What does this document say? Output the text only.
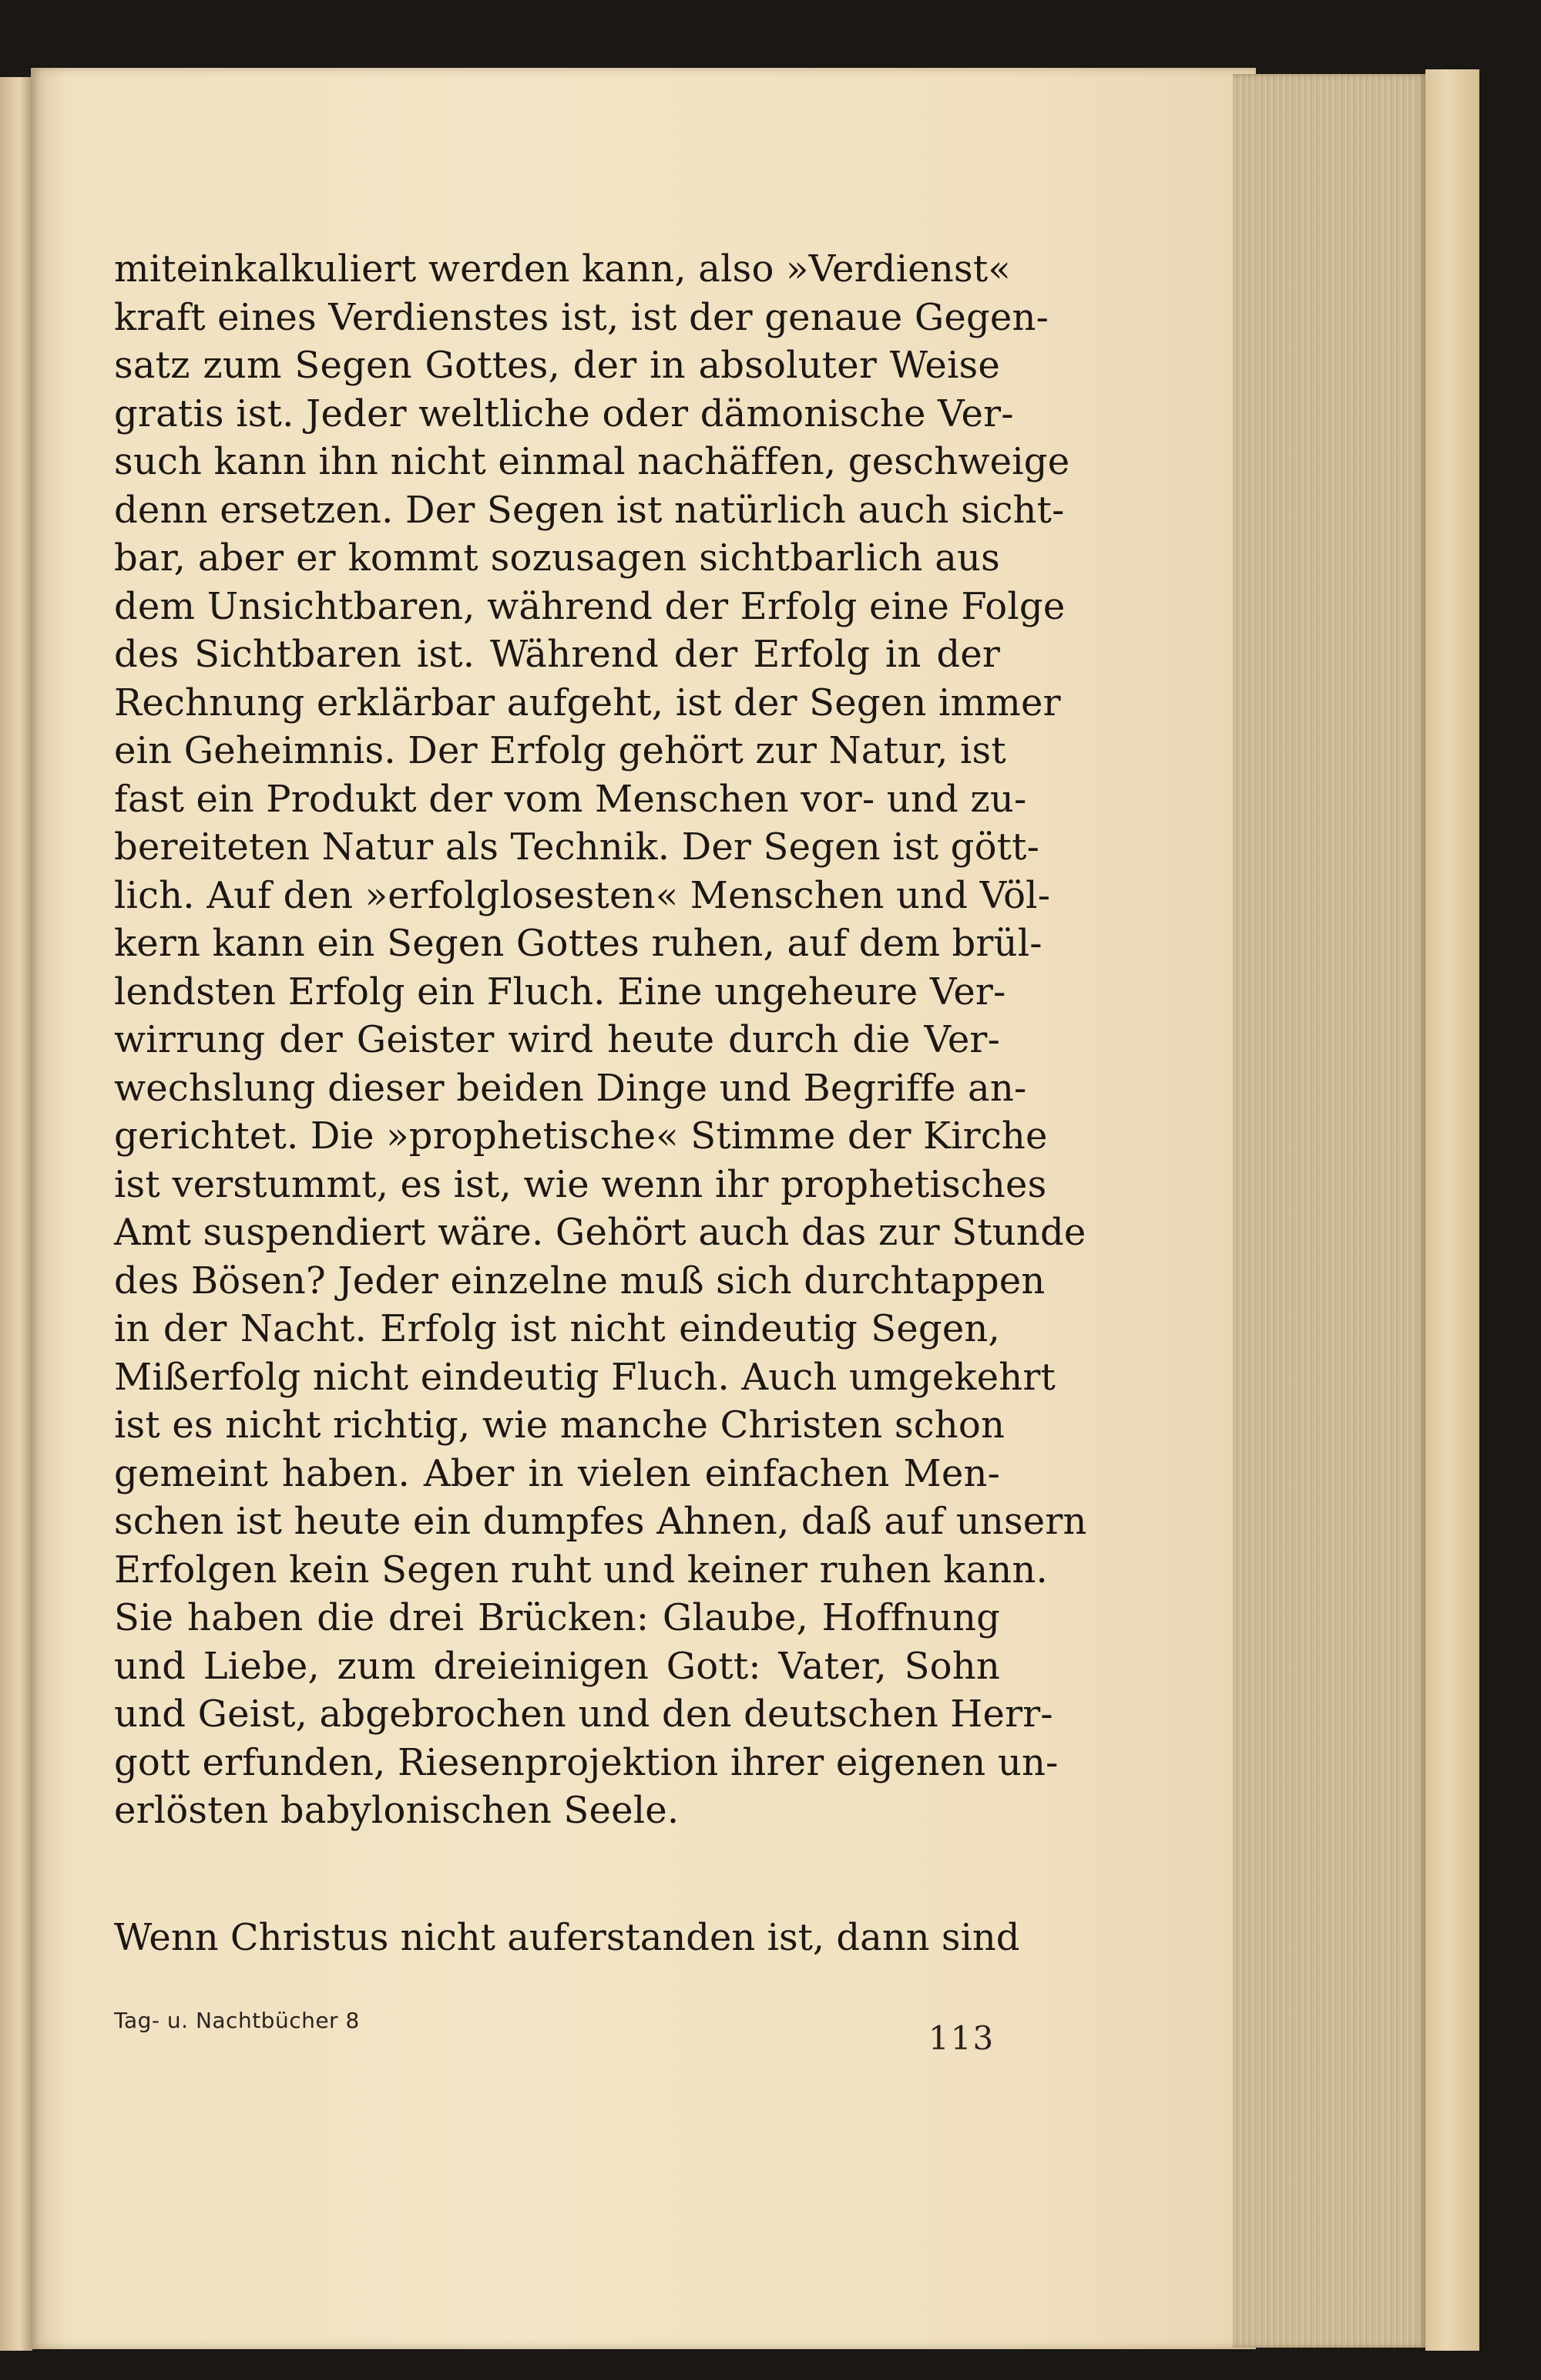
miteinkalkuliert werden kann, also »Verdienst«
kraft eines Verdienstes ist, ist der genaue Gegen-
satz zum Segen Gottes, der in absoluter Weise
gratis ist. Jeder weltliche oder dämonische Ver-
such kann ihn nicht einmal nachäffen, geschweige
denn ersetzen. Der Segen ist natürlich auch sicht-
bar, aber er kommt sozusagen sichtbarlich aus
dem Unsichtbaren, während der Erfolg eine Folge
des Sichtbaren ist. Während der Erfolg in der
Rechnung erklärbar aufgeht, ist der Segen immer
ein Geheimnis. Der Erfolg gehört zur Natur, ist
fast ein Produkt der vom Menschen vor- und zu-
bereiteten Natur als Technik. Der Segen ist gött-
lich. Auf den »erfolglosesten« Menschen und Völ-
kern kann ein Segen Gottes ruhen, auf dem brül-
lendsten Erfolg ein Fluch. Eine ungeheure Ver-
wirrung der Geister wird heute durch die Ver-
wechslung dieser beiden Dinge und Begriffe an-
gerichtet. Die »prophetische« Stimme der Kirche
ist verstummt, es ist, wie wenn ihr prophetisches
Amt suspendiert wäre. Gehört auch das zur Stunde
des Bösen? Jeder einzelne muß sich durchtappen
in der Nacht. Erfolg ist nicht eindeutig Segen,
Mißerfolg nicht eindeutig Fluch. Auch umgekehrt
ist es nicht richtig, wie manche Christen schon
gemeint haben. Aber in vielen einfachen Men-
schen ist heute ein dumpfes Ahnen, daß auf unsern
Erfolgen kein Segen ruht und keiner ruhen kann.
Sie haben die drei Brücken: Glaube, Hoffnung
und Liebe, zum dreieinigen Gott: Vater, Sohn
und Geist, abgebrochen und den deutschen Herr-
gott erfunden, Riesenprojektion ihrer eigenen un-
erlösten babylonischen Seele.
Wenn Christus nicht auferstanden ist, dann sind
Tag- u. Nachtbücher 8	113
